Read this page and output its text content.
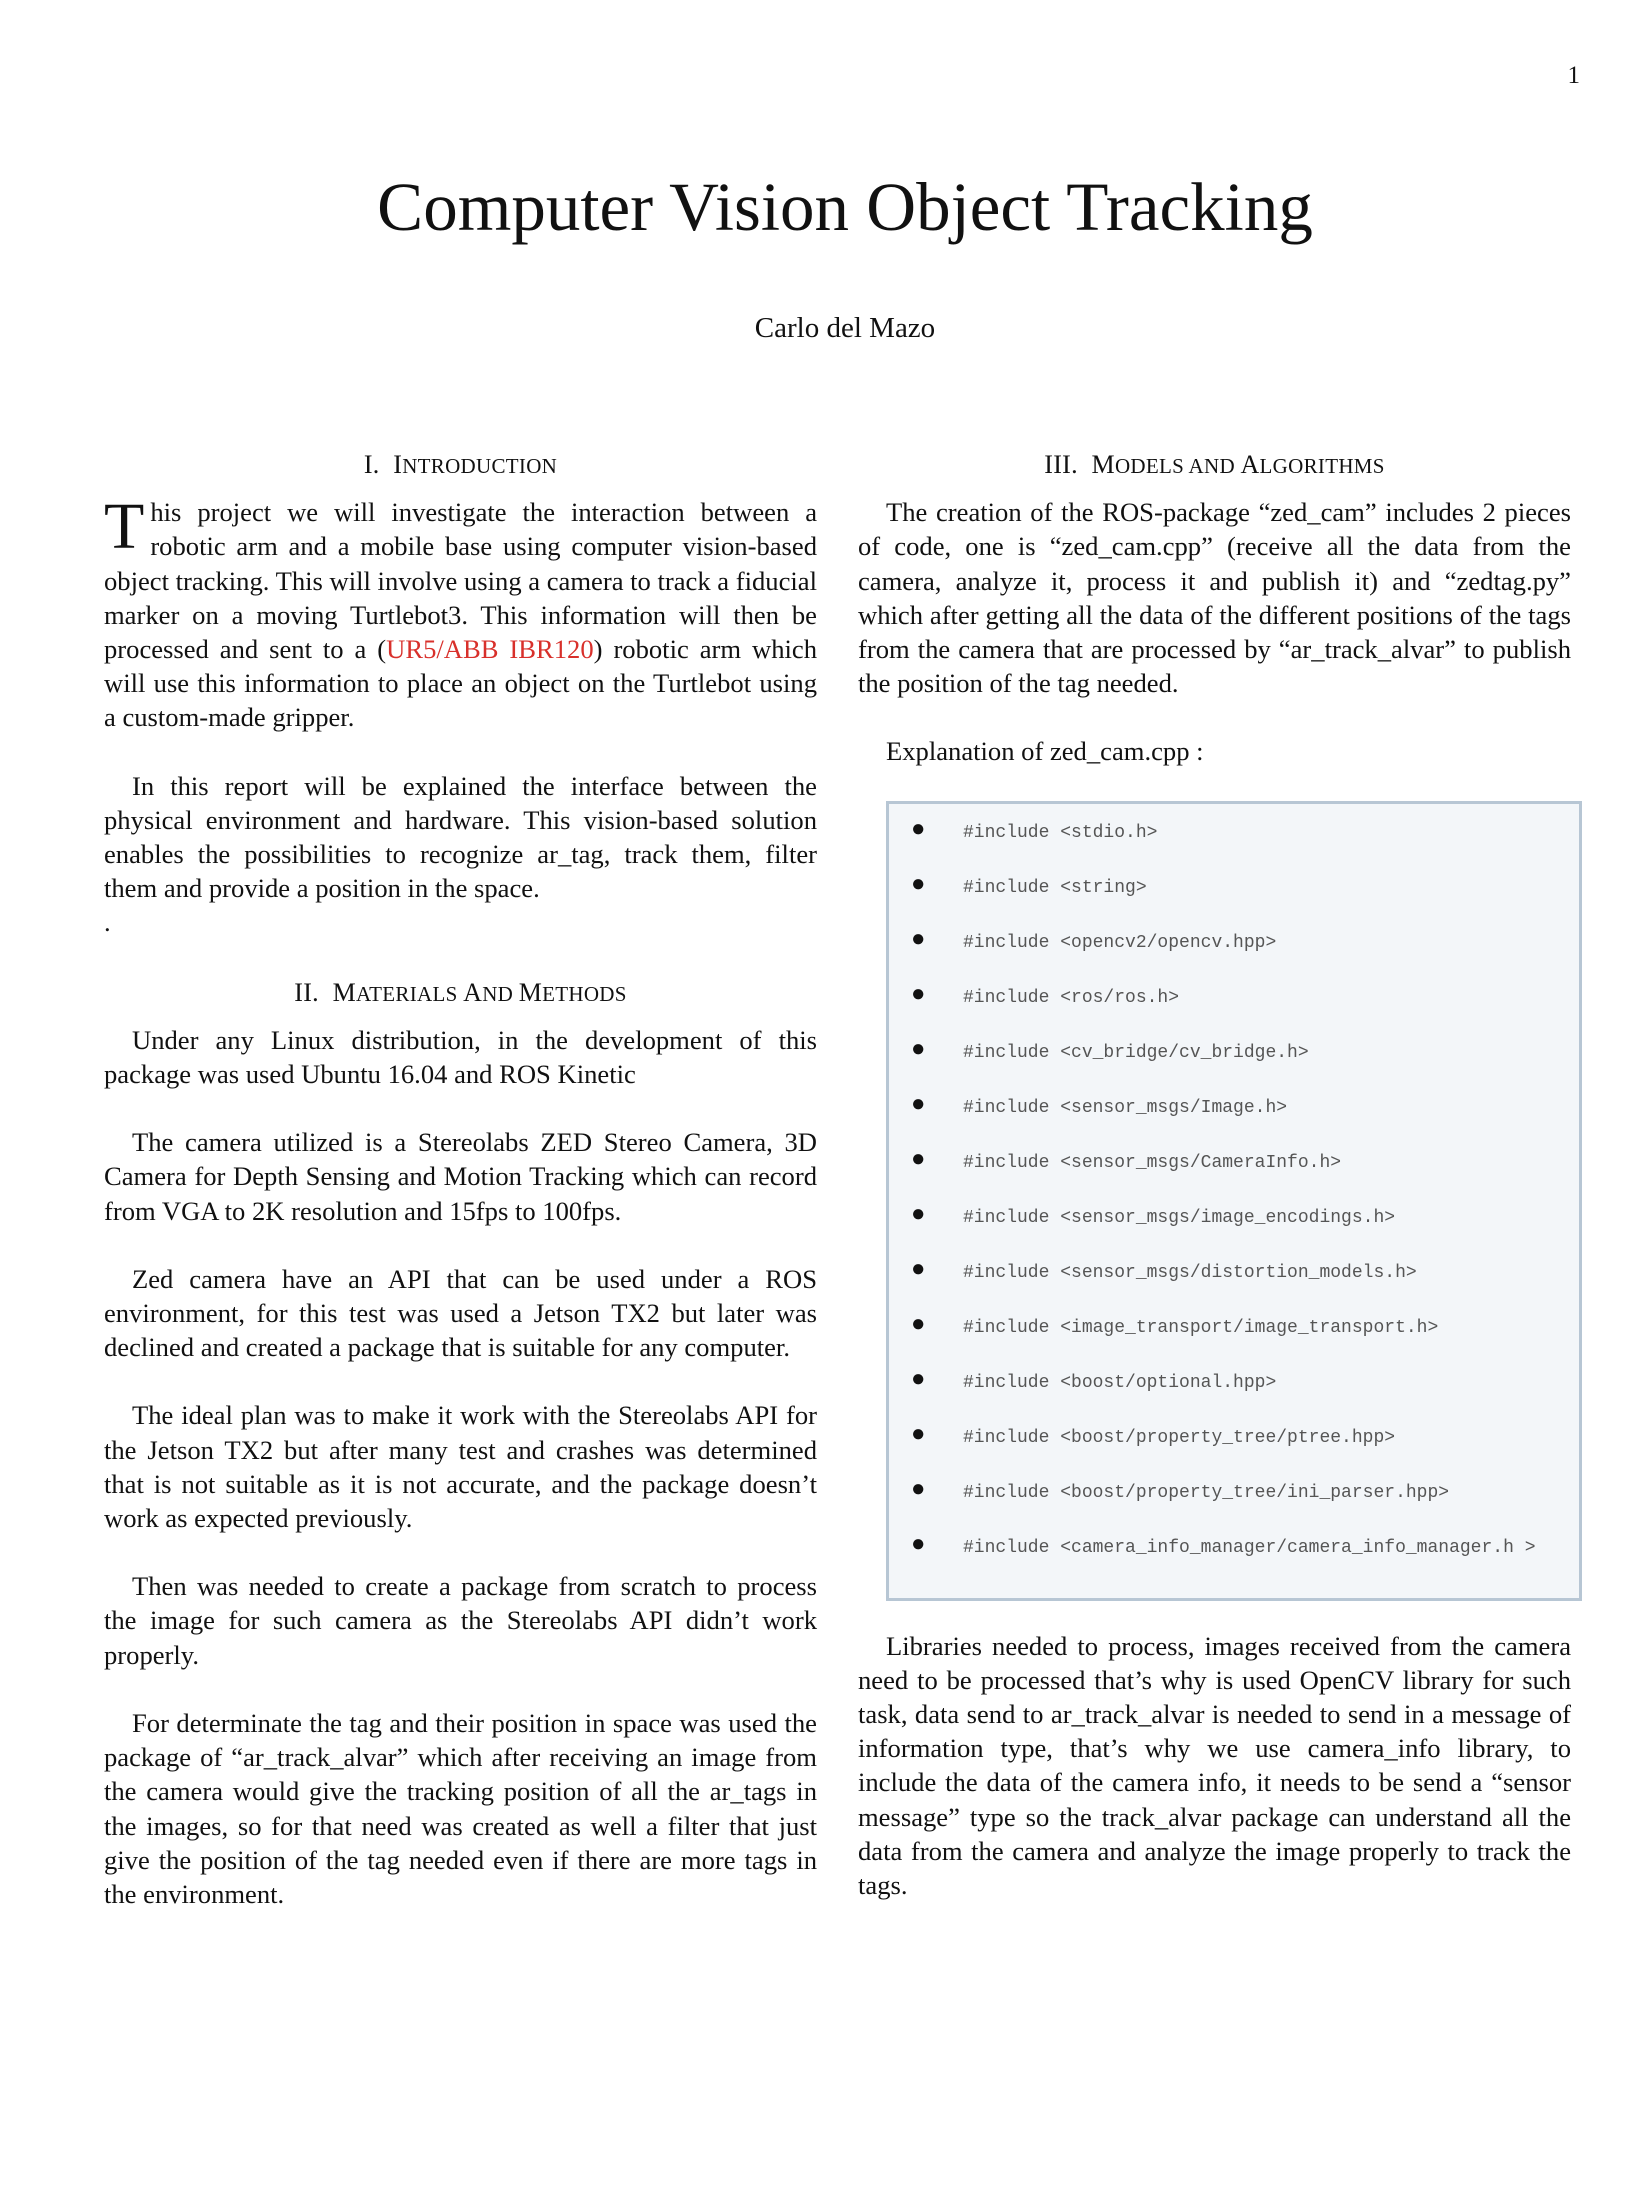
1
Computer Vision Object Tracking
Carlo del Mazo
I. INTRODUCTION

This project we will investigate the interaction between a robotic arm and a mobile base using computer vision-based object tracking. This will involve using a camera to track a fiducial marker on a moving Turtlebot3. This information will then be processed and sent to a (UR5/ABB IBR120) robotic arm which will use this information to place an object on the Turtlebot using a custom-made gripper.

In this report will be explained the interface between the physical environment and hardware. This vision-based solution enables the possibilities to recognize ar_tag, track them, filter them and provide a position in the space.

.

II. MATERIALS AND METHODS

Under any Linux distribution, in the development of this package was used Ubuntu 16.04 and ROS Kinetic

The camera utilized is a Stereolabs ZED Stereo Camera, 3D Camera for Depth Sensing and Motion Tracking which can record from VGA to 2K resolution and 15fps to 100fps.

Zed camera have an API that can be used under a ROS environment, for this test was used a Jetson TX2 but later was declined and created a package that is suitable for any computer.

The ideal plan was to make it work with the Stereolabs API for the Jetson TX2 but after many test and crashes was determined that is not suitable as it is not accurate, and the package doesn’t work as expected previously.

Then was needed to create a package from scratch to process the image for such camera as the Stereolabs API didn’t work properly.

For determinate the tag and their position in space was used the package of “ar_track_alvar” which after receiving an image from the camera would give the tracking position of all the ar_tags in the images, so for that need was created as well a filter that just give the position of the tag needed even if there are more tags in the environment.

III. MODELS AND ALGORITHMS

The creation of the ROS-package “zed_cam” includes 2 pieces of code, one is “zed_cam.cpp” (receive all the data from the camera, analyze it, process it and publish it) and “zedtag.py” which after getting all the data of the different positions of the tags from the camera that are processed by “ar_track_alvar” to publish the position of the tag needed.

Explanation of zed_cam.cpp :

●	#include <stdio.h>
●	#include <string>
●	#include <opencv2/opencv.hpp>
●	#include <ros/ros.h>
●	#include <cv_bridge/cv_bridge.h>
●	#include <sensor_msgs/Image.h>
●	#include <sensor_msgs/CameraInfo.h>
●	#include <sensor_msgs/image_encodings.h>
●	#include <sensor_msgs/distortion_models.h>
●	#include <image_transport/image_transport.h>
●	#include <boost/optional.hpp>
●	#include <boost/property_tree/ptree.hpp>
●	#include <boost/property_tree/ini_parser.hpp>
●	#include <camera_info_manager/camera_info_manager.h >

Libraries needed to process, images received from the camera need to be processed that’s why is used OpenCV library for such task, data send to ar_track_alvar is needed to send in a message of information type, that’s why we use camera_info library, to include the data of the camera info, it needs to be send a “sensor message” type so the track_alvar package can understand all the data from the camera and analyze the image properly to track the tags.
